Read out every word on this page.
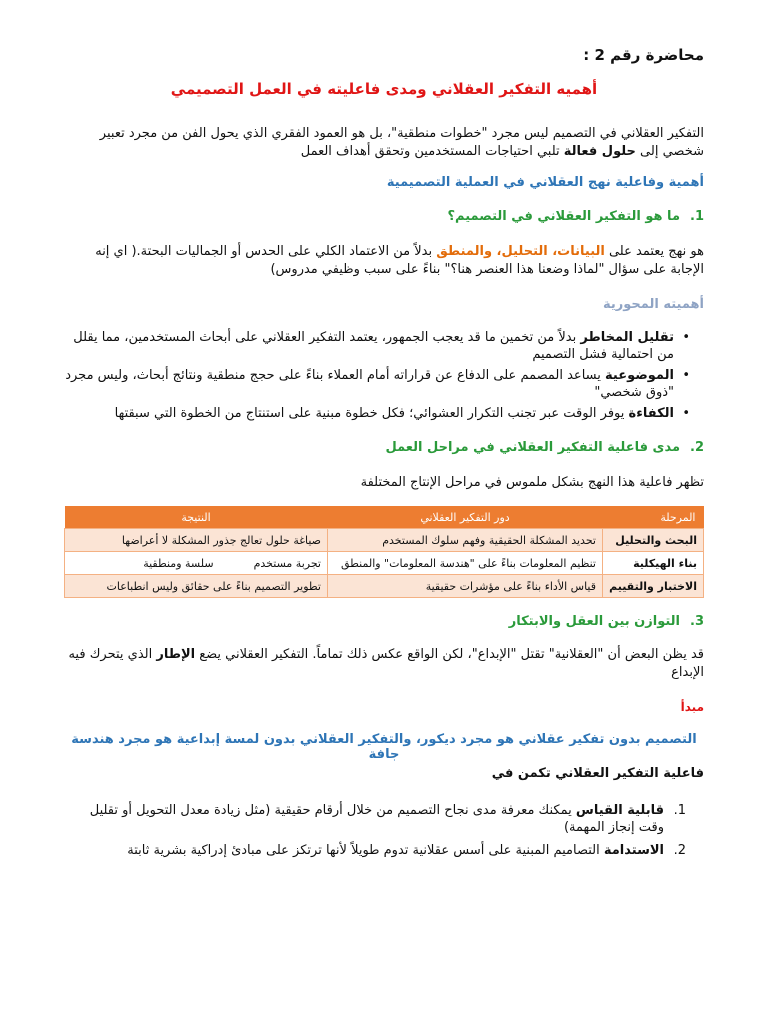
محاضرة رقم 2 :

أهميه التفكير العقلاني ومدى فاعليته في العمل التصميمي

التفكير العقلاني في التصميم ليس مجرد "خطوات منطقية"، بل هو العمود الفقري الذي يحول الفن من مجرد تعبير شخصي إلى حلول فعالة تلبي احتياجات المستخدمين وتحقق أهداف العمل

أهمية وفاعلية نهج العقلاني في العملية التصميمية

1.ما هو التفكير العقلاني في التصميم؟

هو نهج يعتمد على البيانات، التحليل، والمنطق بدلاً من الاعتماد الكلي على الحدس أو الجماليات البحتة.( اي إنه الإجابة على سؤال "لماذا وضعنا هذا العنصر هنا؟" بناءً على سبب وظيفي مدروس)

أهميته المحورية

•
تقليل المخاطر بدلاً من تخمين ما قد يعجب الجمهور، يعتمد التفكير العقلاني على أبحاث المستخدمين، مما يقلل من احتمالية فشل التصميم
•
الموضوعية يساعد المصمم على الدفاع عن قراراته أمام العملاء بناءً على حجج منطقية ونتائج أبحاث، وليس مجرد "ذوق شخصي"
•
الكفاءة يوفر الوقت عبر تجنب التكرار العشوائي؛ فكل خطوة مبنية على استنتاج من الخطوة التي سبقتها

2.مدى فاعلية التفكير العقلاني في مراحل العمل

تظهر فاعلية هذا النهج بشكل ملموس في مراحل الإنتاج المختلفة

المرحلة	دور التفكير العقلاني	النتيجة
البحث والتحليل	تحديد المشكلة الحقيقية وفهم سلوك المستخدم	صياغة حلول تعالج جذور المشكلة لا أعراضها
بناء الهيكلية	تنظيم المعلومات بناءً على "هندسة المعلومات" والمنطق	تجربة مستخدمسلسة ومنطقية
الاختبار والتقييم	قياس الأداء بناءً على مؤشرات حقيقية	تطوير التصميم بناءً على حقائق وليس انطباعات

3.التوازن بين العقل والابتكار

قد يظن البعض أن "العقلانية" تقتل "الإبداع"، لكن الواقع عكس ذلك تماماً. التفكير العقلاني يضع الإطار الذي يتحرك فيه الإبداع

مبدأ

التصميم بدون تفكير عقلاني هو مجرد ديكور، والتفكير العقلاني بدون لمسة إبداعية هو مجرد هندسة جافة

فاعلية التفكير العقلاني تكمن في

1.
قابلية القياس يمكنك معرفة مدى نجاح التصميم من خلال أرقام حقيقية (مثل زيادة معدل التحويل أو تقليل وقت إنجاز المهمة)
2.
الاستدامة التصاميم المبنية على أسس عقلانية تدوم طويلاً لأنها ترتكز على مبادئ إدراكية بشرية ثابتة
